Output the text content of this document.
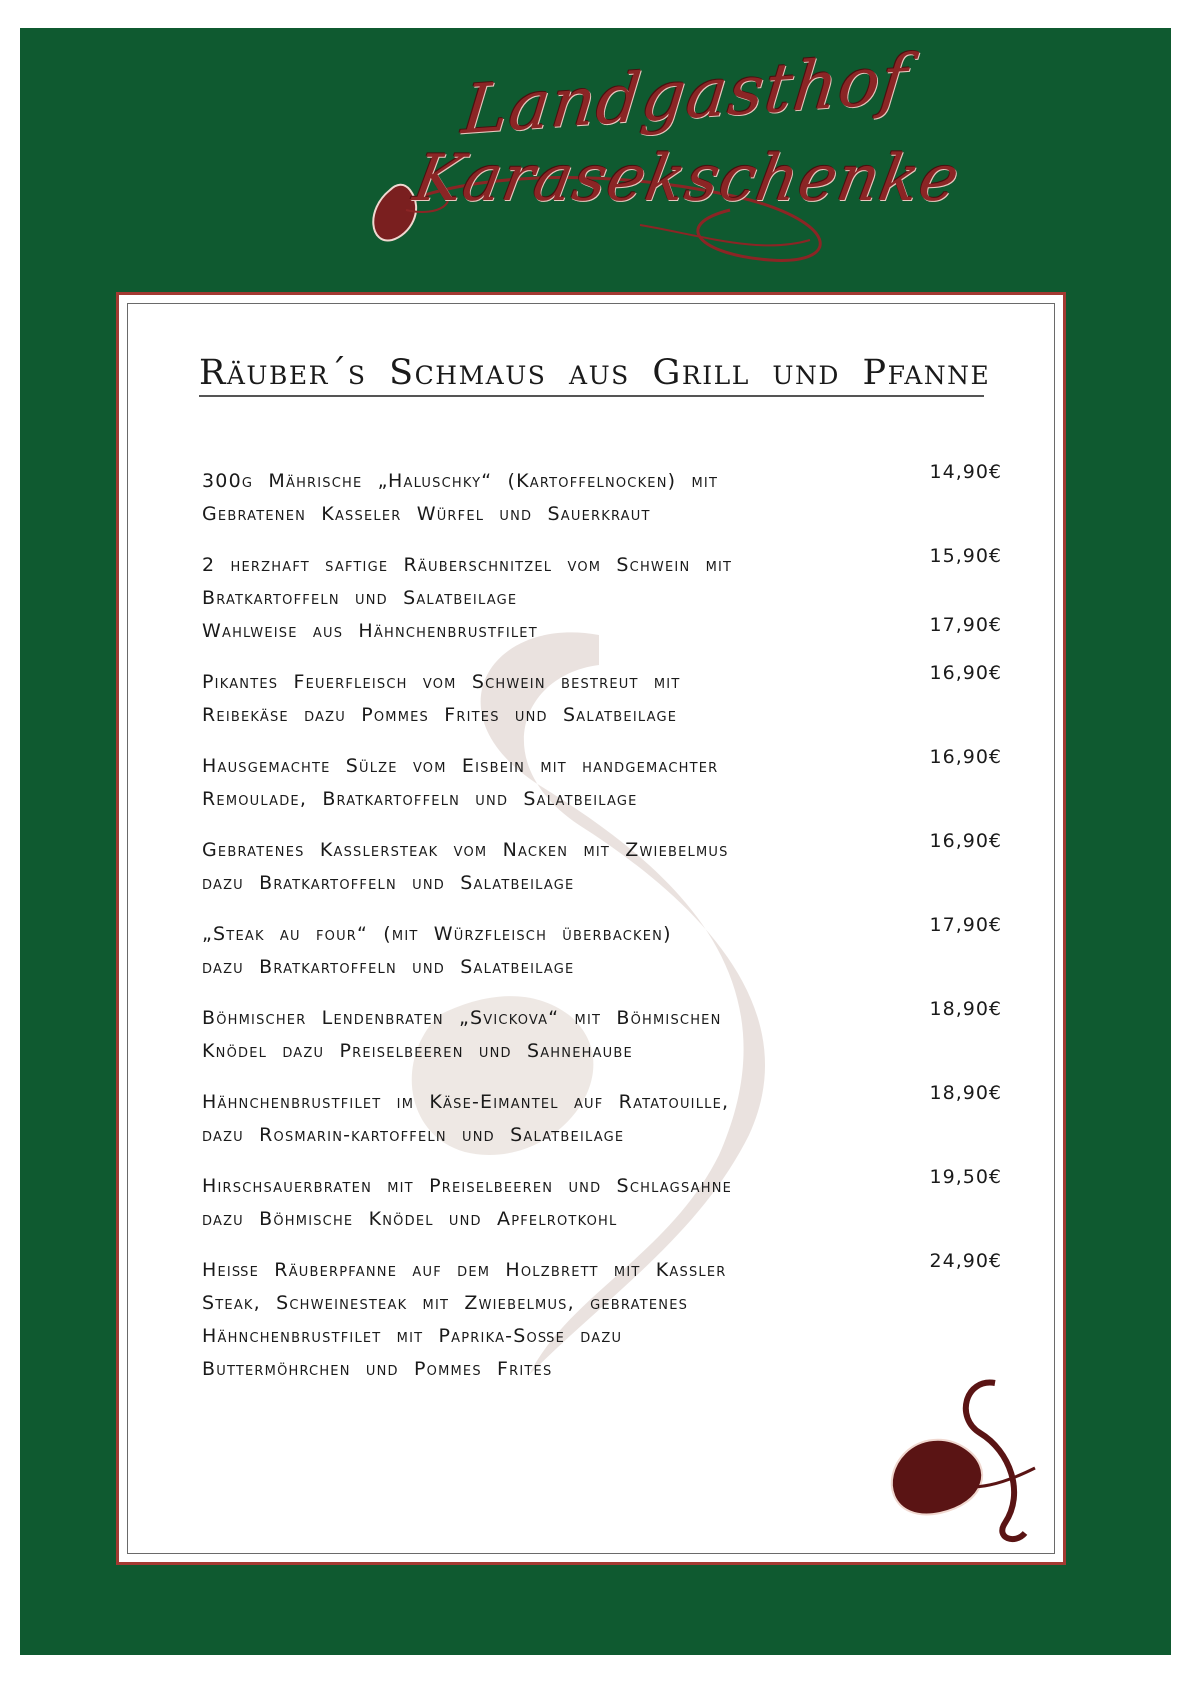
Landgasthof
Karasekschenke
Räuber´s Schmaus aus Grill und Pfanne
300g Mährische „Haluschky“ (Kartoffelnocken) mit
Gebratenen Kasseler Würfel und Sauerkraut
14,90€
2 herzhaft saftige Räuberschnitzel vom Schwein mit
Bratkartoffeln und Salatbeilage
15,90€
Wahlweise aus Hähnchenbrustfilet	17,90€
Pikantes Feuerfleisch vom Schwein bestreut mit
Reibekäse dazu Pommes Frites und Salatbeilage
16,90€
Hausgemachte Sülze vom Eisbein mit handgemachter
Remoulade, Bratkartoffeln und Salatbeilage
16,90€
Gebratenes Kasslersteak vom Nacken mit Zwiebelmus
dazu Bratkartoffeln und Salatbeilage
16,90€
„Steak au four“ (mit Würzfleisch überbacken)
dazu Bratkartoffeln und Salatbeilage
17,90€
Böhmischer Lendenbraten „Svickova“ mit Böhmischen
Knödel dazu Preiselbeeren und Sahnehaube
18,90€
Hähnchenbrustfilet im Käse-Eimantel auf Ratatouille,
dazu Rosmarin-kartoffeln und Salatbeilage
18,90€
Hirschsauerbraten mit Preiselbeeren und Schlagsahne
dazu Böhmische Knödel und Apfelrotkohl
19,50€
Heiße Räuberpfanne auf dem Holzbrett mit Kassler
Steak, Schweinesteak mit Zwiebelmus, gebratenes
Hähnchenbrustfilet mit Paprika-Soße dazu
Buttermöhrchen und Pommes Frites
24,90€
